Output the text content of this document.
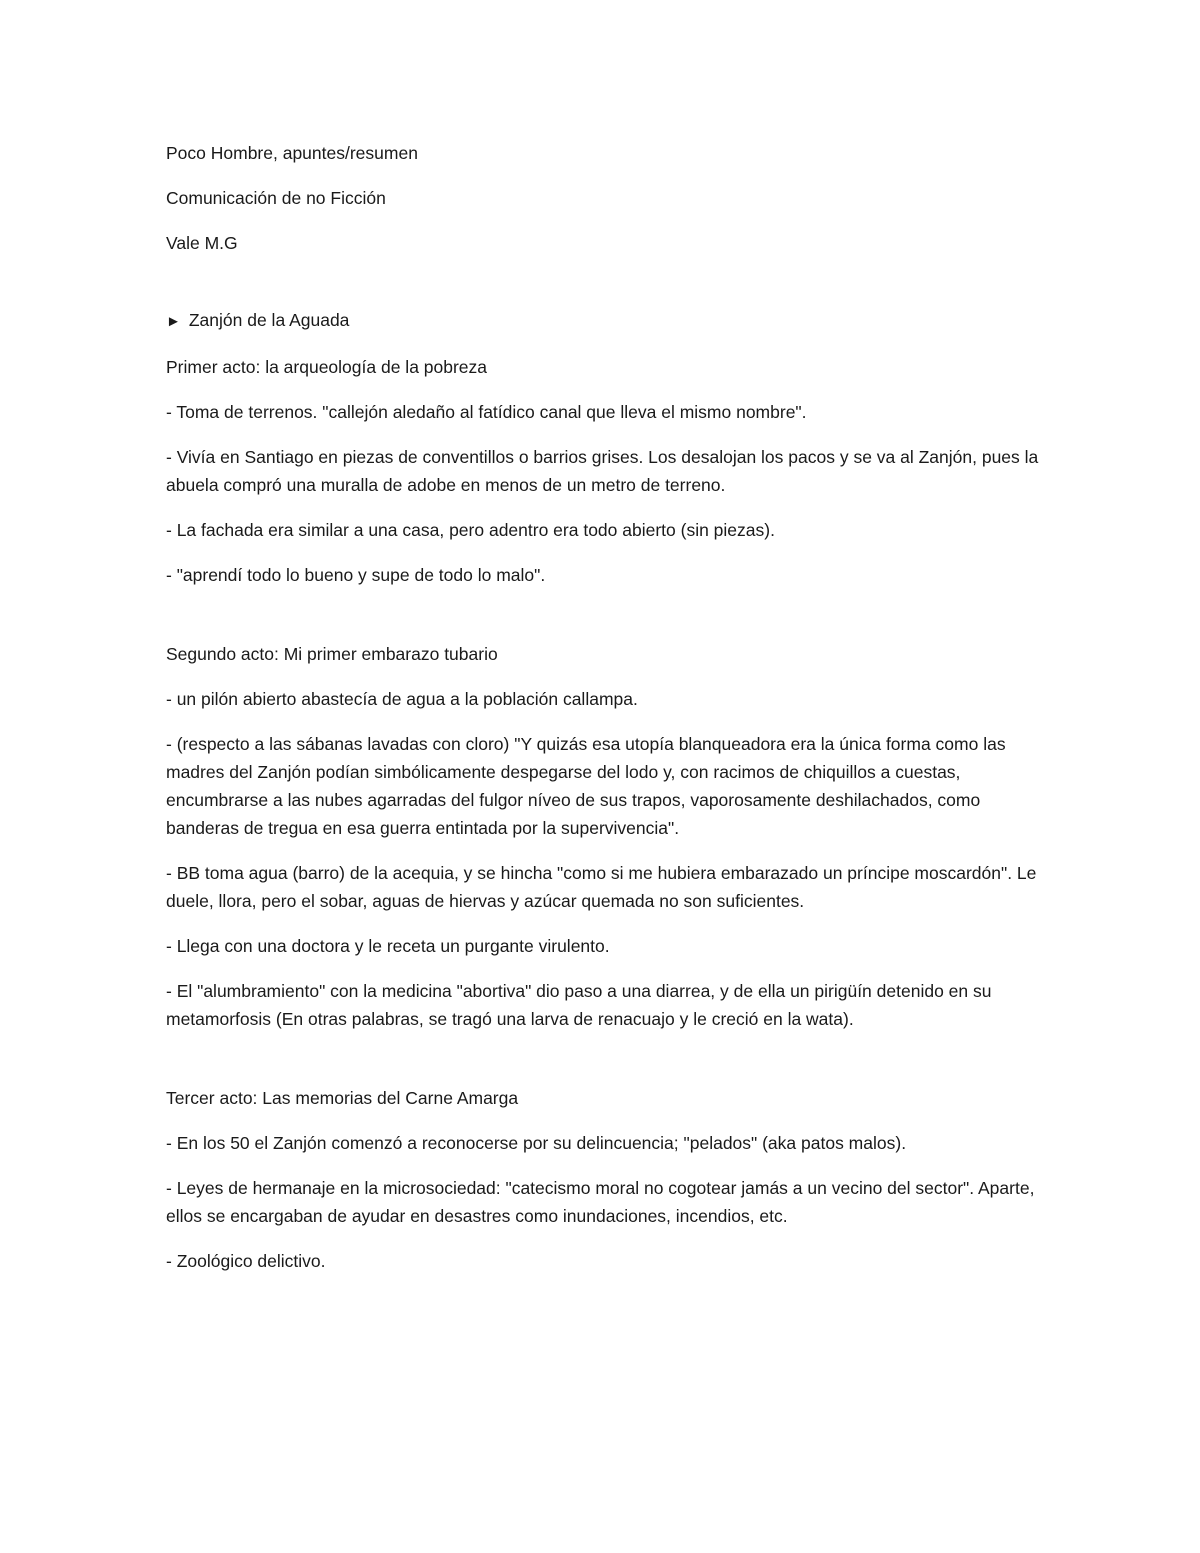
Poco Hombre, apuntes/resumen

Comunicación de no Ficción

Vale M.G

► Zanjón de la Aguada

Primer acto: la arqueología de la pobreza

- Toma de terrenos. "callejón aledaño al fatídico canal que lleva el mismo nombre".

- Vivía en Santiago en piezas de conventillos o barrios grises. Los desalojan los pacos y se va al Zanjón, pues la abuela compró una muralla de adobe en menos de un metro de terreno.

- La fachada era similar a una casa, pero adentro era todo abierto (sin piezas).

- "aprendí todo lo bueno y supe de todo lo malo".

Segundo acto: Mi primer embarazo tubario

- un pilón abierto abastecía de agua a la población callampa.

- (respecto a las sábanas lavadas con cloro) "Y quizás esa utopía blanqueadora era la única forma como las madres del Zanjón podían simbólicamente despegarse del lodo y, con racimos de chiquillos a cuestas, encumbrarse a las nubes agarradas del fulgor níveo de sus trapos, vaporosamente deshilachados, como banderas de tregua en esa guerra entintada por la supervivencia".

- BB toma agua (barro) de la acequia, y se hincha "como si me hubiera embarazado un príncipe moscardón". Le duele, llora, pero el sobar, aguas de hiervas y azúcar quemada no son suficientes.

- Llega con una doctora y le receta un purgante virulento.

- El "alumbramiento" con la medicina "abortiva" dio paso a una diarrea, y de ella un pirigüín detenido en su metamorfosis (En otras palabras, se tragó una larva de renacuajo y le creció en la wata).

Tercer acto: Las memorias del Carne Amarga

- En los 50 el Zanjón comenzó a reconocerse por su delincuencia; "pelados" (aka patos malos).

- Leyes de hermanaje en la microsociedad: "catecismo moral no cogotear jamás a un vecino del sector". Aparte, ellos se encargaban de ayudar en desastres como inundaciones, incendios, etc.

- Zoológico delictivo.
